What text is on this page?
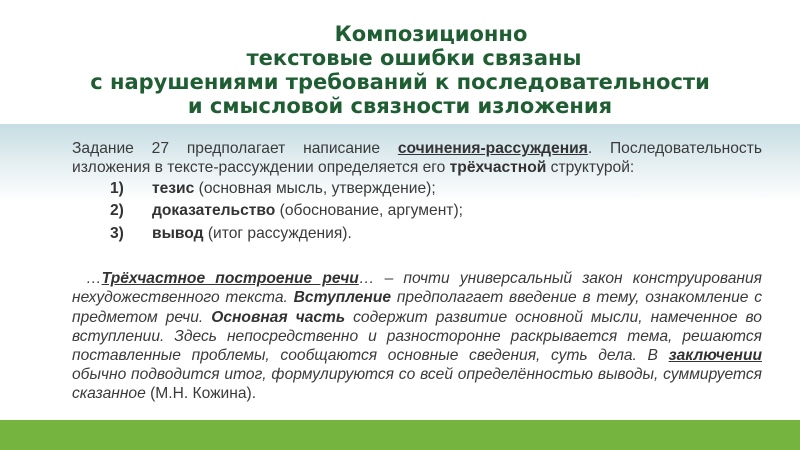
Композиционно
текстовые ошибки связаны
с нарушениями требований к последовательности
и смысловой связности изложения

Задание 27 предполагает написание сочинения-рассуждения. Последовательность изложения в тексте-рассуждении определяется его трёхчастной структурой:

1)	тезис (основная мысль, утверждение);
2)	доказательство (обоснование, аргумент);
3)	вывод (итог рассуждения).

…Трёхчастное построение речи… – почти универсальный закон конструирования нехудожественного текста. Вступление предполагает введение в тему, ознакомление с предметом речи. Основная часть содержит развитие основной мысли, намеченное во вступлении. Здесь непосредственно и разносторонне раскрывается тема, решаются поставленные проблемы, сообщаются основные сведения, суть дела. В заключении обычно подводится итог, формулируются со всей определённостью выводы, суммируется сказанное (М.Н. Кожина).
